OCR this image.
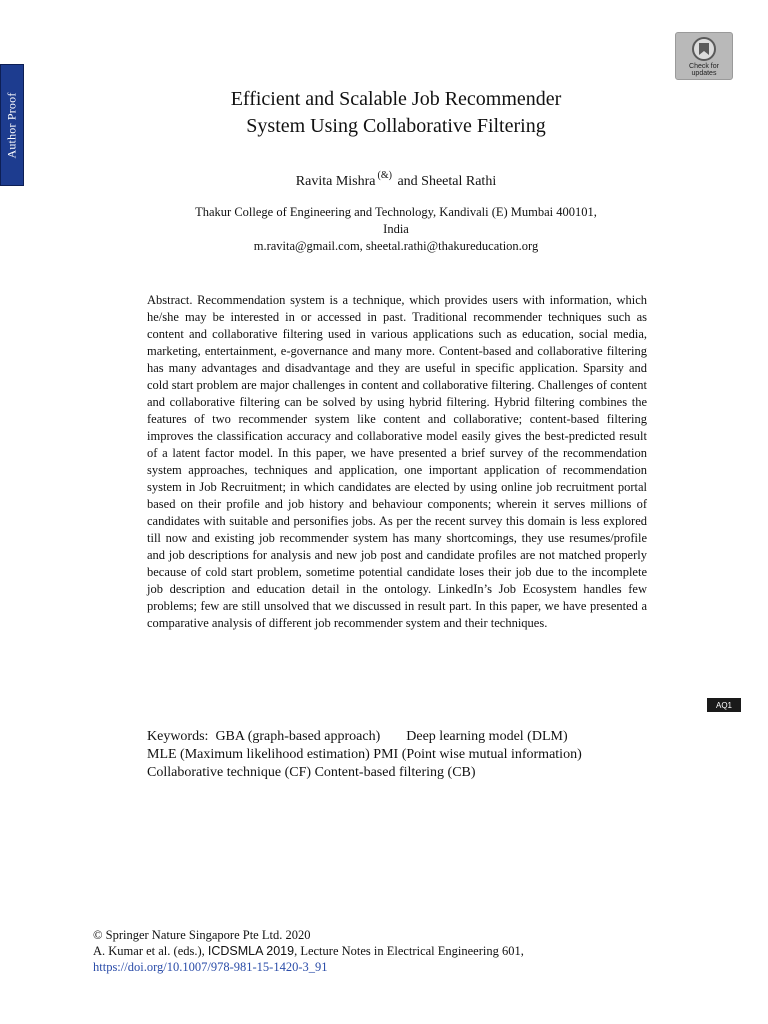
Author Proof
Check for updates
Efficient and Scalable Job Recommender
System Using Collaborative Filtering
Ravita Mishra (&) and Sheetal Rathi
Thakur College of Engineering and Technology, Kandivali (E) Mumbai 400101,
India
m.ravita@gmail.com, sheetal.rathi@thakureducation.org
Abstract. Recommendation system is a technique, which provides users with information, which he/she may be interested in or accessed in past. Traditional recommender techniques such as content and collaborative filtering used in various applications such as education, social media, marketing, entertainment, e-governance and many more. Content-based and collaborative filtering has many advantages and disadvantage and they are useful in specific application. Sparsity and cold start problem are major challenges in content and collaborative filtering. Challenges of content and collaborative filtering can be solved by using hybrid filtering. Hybrid filtering combines the features of two recommender system like content and collaborative; content-based filtering improves the classification accuracy and collaborative model easily gives the best-predicted result of a latent factor model. In this paper, we have presented a brief survey of the recommendation system approaches, techniques and application, one important application of recommendation system in Job Recruitment; in which candidates are elected by using online job recruitment portal based on their profile and job history and behaviour components; wherein it serves millions of candidates with suitable and personifies jobs. As per the recent survey this domain is less explored till now and existing job recommender system has many shortcomings, they use resumes/profile and job descriptions for analysis and new job post and candidate profiles are not matched properly because of cold start problem, sometime potential candidate loses their job due to the incomplete job description and education detail in the ontology. LinkedIn’s Job Ecosystem handles few problems; few are still unsolved that we discussed in result part. In this paper, we have presented a comparative analysis of different job recommender system and their techniques.
AQ1
Keywords: GBA (graph-based approach) Deep learning model (DLM)
MLE (Maximum likelihood estimation) PMI (Point wise mutual information)
Collaborative technique (CF) Content-based filtering (CB)
© Springer Nature Singapore Pte Ltd. 2020
A. Kumar et al. (eds.), ICDSMLA 2019, Lecture Notes in Electrical Engineering 601,
https://doi.org/10.1007/978-981-15-1420-3_91
